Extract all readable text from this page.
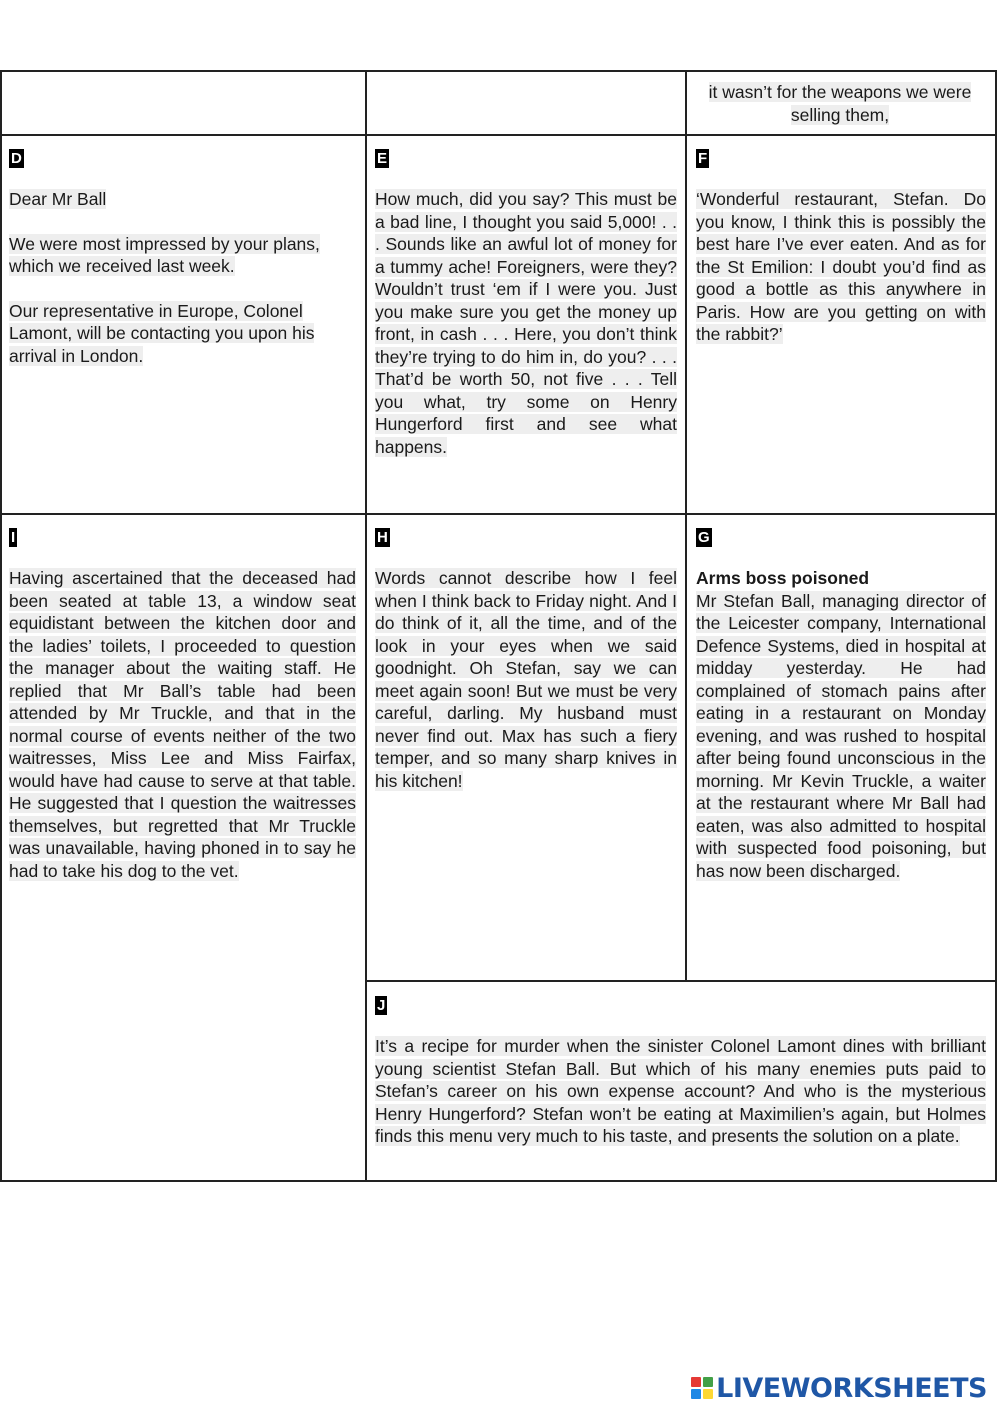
it wasn’t for the weapons we were selling them,
D

Dear Mr Ball

We were most impressed by your plans, which we received last week.

Our representative in Europe, Colonel Lamont, will be contacting you upon his arrival in London.

E

How much, did you say? This must be a bad line, I thought you said 5,000! . . . Sounds like an awful lot of money for a tummy ache! Foreigners, were they? Wouldn’t trust ‘em if I were you. Just you make sure you get the money up front, in cash . . . Here, you don’t think they’re trying to do him in, do you? . . . That’d be worth 50, not five . . . Tell you what, try some on Henry Hungerford first and see what happens.

F

‘Wonderful restaurant, Stefan. Do you know, I think this is possibly the best hare I’ve ever eaten. And as for the St Emilion: I doubt you’d find as good a bottle as this anywhere in Paris. How are you getting on with the rabbit?’

I

Having ascertained that the deceased had been seated at table 13, a window seat equidistant between the kitchen door and the ladies’ toilets, I proceeded to question the manager about the waiting staff. He replied that Mr Ball’s table had been attended by Mr Truckle, and that in the normal course of events neither of the two waitresses, Miss Lee and Miss Fairfax, would have had cause to serve at that table. He suggested that I question the waitresses themselves, but regretted that Mr Truckle was unavailable, having phoned in to say he had to take his dog to the vet.

H

Words cannot describe how I feel when I think back to Friday night. And I do think of it, all the time, and of the look in your eyes when we said goodnight. Oh Stefan, say we can meet again soon! But we must be very careful, darling. My husband must never find out. Max has such a fiery temper, and so many sharp knives in his kitchen!

G

Arms boss poisoned

Mr Stefan Ball, managing director of the Leicester company, International Defence Systems, died in hospital at midday yesterday. He had complained of stomach pains after eating in a restaurant on Monday evening, and was rushed to hospital after being found unconscious in the morning. Mr Kevin Truckle, a waiter at the restaurant where Mr Ball had eaten, was also admitted to hospital with suspected food poisoning, but has now been discharged.

J

It’s a recipe for murder when the sinister Colonel Lamont dines with brilliant young scientist Stefan Ball. But which of his many enemies puts paid to Stefan’s career on his own expense account? And who is the mysterious Henry Hungerford? Stefan won’t be eating at Maximilien’s again, but Holmes finds this menu very much to his taste, and presents the solution on a plate.

LIVEWORKSHEETS
